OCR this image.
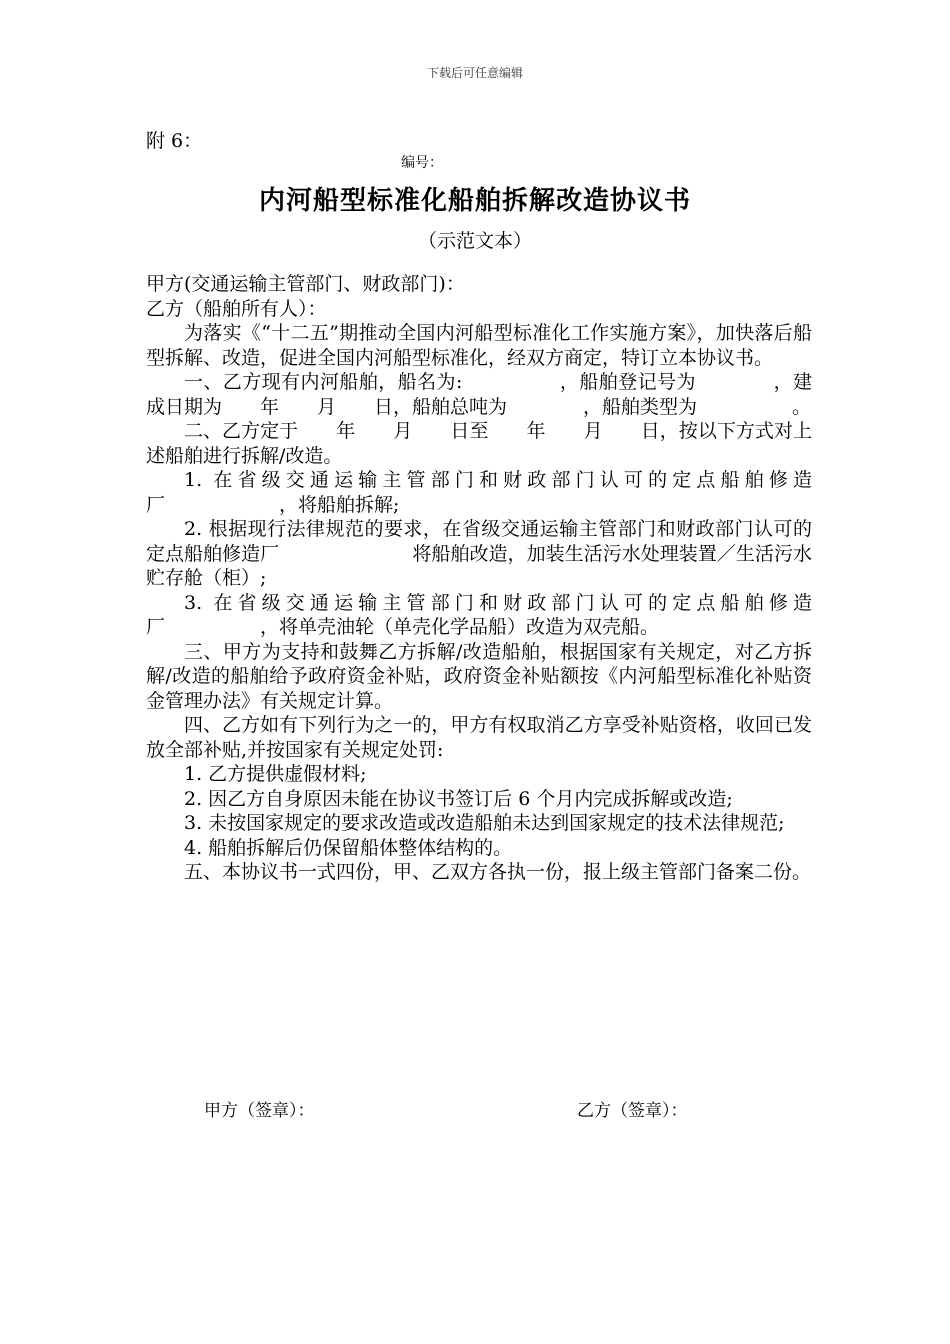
下载后可任意编辑
附 6：
编号：
内河船型标准化船舶拆解改造协议书
（示范文本）

甲方(交通运输主管部门、财政部门)：

乙方（船舶所有人）：

为落实《“十二五”期推动全国内河船型标准化工作实施方案》，加快落后船型拆解、改造，促进全国内河船型标准化，经双方商定，特订立本协议书。

一、乙方现有内河船舶，船名为:　　　　　，船舶登记号为　　　　，建成日期为　　年　　月　　日，船舶总吨为　　　　，船舶类型为　　　　　。

二、乙方定于　　年　　月　　日至　　年　　月　　日，按以下方式对上述船舶进行拆解/改造。

1. 在省级交通运输主管部门和财政部门认可的定点船舶修造厂　　　　　　，将船舶拆解;

2. 根据现行法律规范的要求，在省级交通运输主管部门和财政部门认可的定点船舶修造厂　　　　　　　将船舶改造，加装生活污水处理装置／生活污水贮存舱（柜）;

3. 在省级交通运输主管部门和财政部门认可的定点船舶修造厂　　　　　，将单壳油轮（单壳化学品船）改造为双壳船。

三、甲方为支持和鼓舞乙方拆解/改造船舶，根据国家有关规定，对乙方拆解/改造的船舶给予政府资金补贴，政府资金补贴额按《内河船型标准化补贴资金管理办法》有关规定计算。

四、乙方如有下列行为之一的，甲方有权取消乙方享受补贴资格，收回已发放全部补贴,并按国家有关规定处罚:

1. 乙方提供虚假材料;

2. 因乙方自身原因未能在协议书签订后 6 个月内完成拆解或改造;

3. 未按国家规定的要求改造或改造船舶未达到国家规定的技术法律规范;

4. 船舶拆解后仍保留船体整体结构的。

五、本协议书一式四份，甲、乙双方各执一份，报上级主管部门备案二份。

甲方（签章）：	乙方（签章）：
